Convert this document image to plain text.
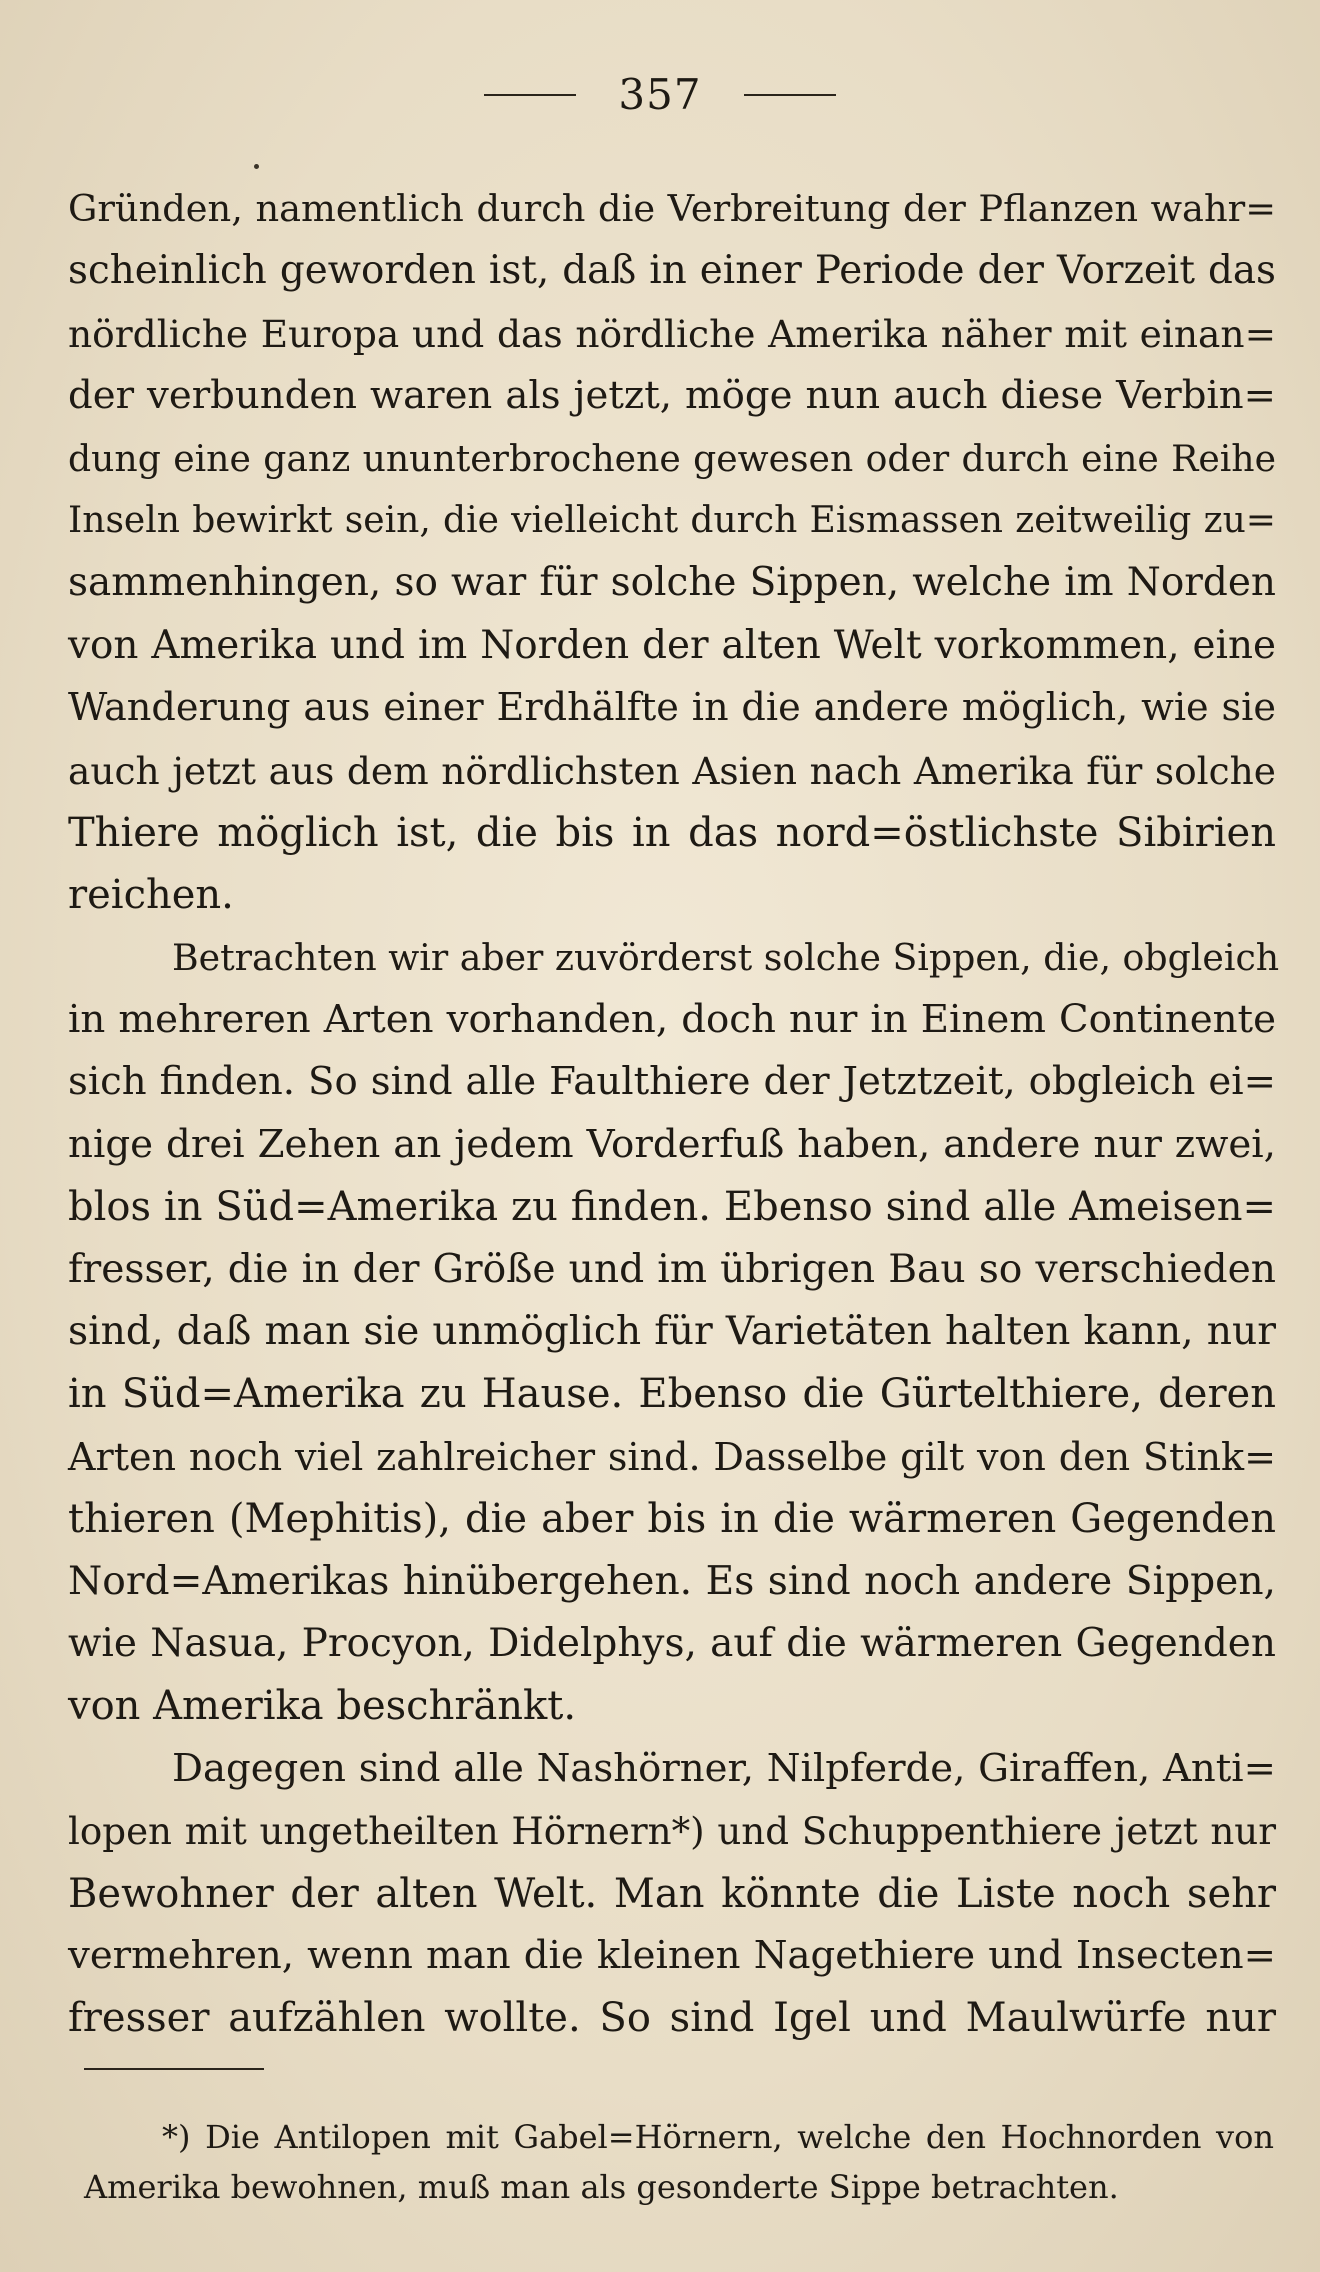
357
Gründen, namentlich durch die Verbreitung der Pflanzen wahr=
scheinlich geworden ist, daß in einer Periode der Vorzeit das
nördliche Europa und das nördliche Amerika näher mit einan=
der verbunden waren als jetzt, möge nun auch diese Verbin=
dung eine ganz ununterbrochene gewesen oder durch eine Reihe
Inseln bewirkt sein, die vielleicht durch Eismassen zeitweilig zu=
sammenhingen, so war für solche Sippen, welche im Norden
von Amerika und im Norden der alten Welt vorkommen, eine
Wanderung aus einer Erdhälfte in die andere möglich, wie sie
auch jetzt aus dem nördlichsten Asien nach Amerika für solche
Thiere möglich ist, die bis in das nord=östlichste Sibirien
reichen.
Betrachten wir aber zuvörderst solche Sippen, die, obgleich
in mehreren Arten vorhanden, doch nur in Einem Continente
sich finden. So sind alle Faulthiere der Jetztzeit, obgleich ei=
nige drei Zehen an jedem Vorderfuß haben, andere nur zwei,
blos in Süd=Amerika zu finden. Ebenso sind alle Ameisen=
fresser, die in der Größe und im übrigen Bau so verschieden
sind, daß man sie unmöglich für Varietäten halten kann, nur
in Süd=Amerika zu Hause. Ebenso die Gürtelthiere, deren
Arten noch viel zahlreicher sind. Dasselbe gilt von den Stink=
thieren (Mephitis), die aber bis in die wärmeren Gegenden
Nord=Amerikas hinübergehen. Es sind noch andere Sippen,
wie Nasua, Procyon, Didelphys, auf die wärmeren Gegenden
von Amerika beschränkt.
Dagegen sind alle Nashörner, Nilpferde, Giraffen, Anti=
lopen mit ungetheilten Hörnern*) und Schuppenthiere jetzt nur
Bewohner der alten Welt. Man könnte die Liste noch sehr
vermehren, wenn man die kleinen Nagethiere und Insecten=
fresser aufzählen wollte. So sind Igel und Maulwürfe nur
*) Die Antilopen mit Gabel=Hörnern, welche den Hochnorden von
Amerika bewohnen, muß man als gesonderte Sippe betrachten.
